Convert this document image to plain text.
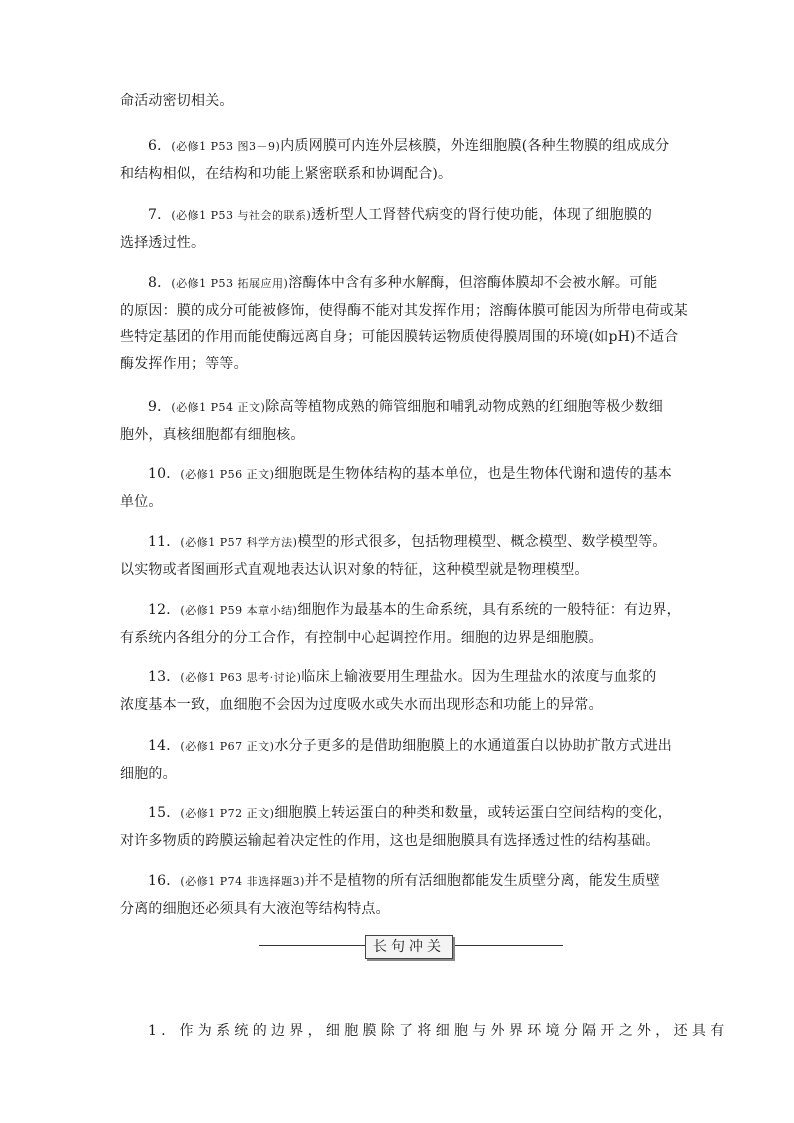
命活动密切相关。
6．(必修1 P53 图3－9)内质网膜可内连外层核膜，外连细胞膜(各种生物膜的组成成分
和结构相似，在结构和功能上紧密联系和协调配合)。
7．(必修1 P53 与社会的联系)透析型人工肾替代病变的肾行使功能，体现了细胞膜的
选择透过性。
8．(必修1 P53 拓展应用)溶酶体中含有多种水解酶，但溶酶体膜却不会被水解。可能
的原因：膜的成分可能被修饰，使得酶不能对其发挥作用；溶酶体膜可能因为所带电荷或某
些特定基团的作用而能使酶远离自身；可能因膜转运物质使得膜周围的环境(如pH)不适合
酶发挥作用；等等。
9．(必修1 P54 正文)除高等植物成熟的筛管细胞和哺乳动物成熟的红细胞等极少数细
胞外，真核细胞都有细胞核。
10．(必修1 P56 正文)细胞既是生物体结构的基本单位，也是生物体代谢和遗传的基本
单位。
11．(必修1 P57 科学方法)模型的形式很多，包括物理模型、概念模型、数学模型等。
以实物或者图画形式直观地表达认识对象的特征，这种模型就是物理模型。
12．(必修1 P59 本章小结)细胞作为最基本的生命系统，具有系统的一般特征：有边界，
有系统内各组分的分工合作，有控制中心起调控作用。细胞的边界是细胞膜。
13．(必修1 P63 思考·讨论)临床上输液要用生理盐水。因为生理盐水的浓度与血浆的
浓度基本一致，血细胞不会因为过度吸水或失水而出现形态和功能上的异常。
14．(必修1 P67 正文)水分子更多的是借助细胞膜上的水通道蛋白以协助扩散方式进出
细胞的。
15．(必修1 P72 正文)细胞膜上转运蛋白的种类和数量，或转运蛋白空间结构的变化，
对许多物质的跨膜运输起着决定性的作用，这也是细胞膜具有选择透过性的结构基础。
16．(必修1 P74 非选择题3)并不是植物的所有活细胞都能发生质壁分离，能发生质壁
分离的细胞还必须具有大液泡等结构特点。
长句冲关
1．作为系统的边界，细胞膜除了将细胞与外界环境分隔开之外，还具有
